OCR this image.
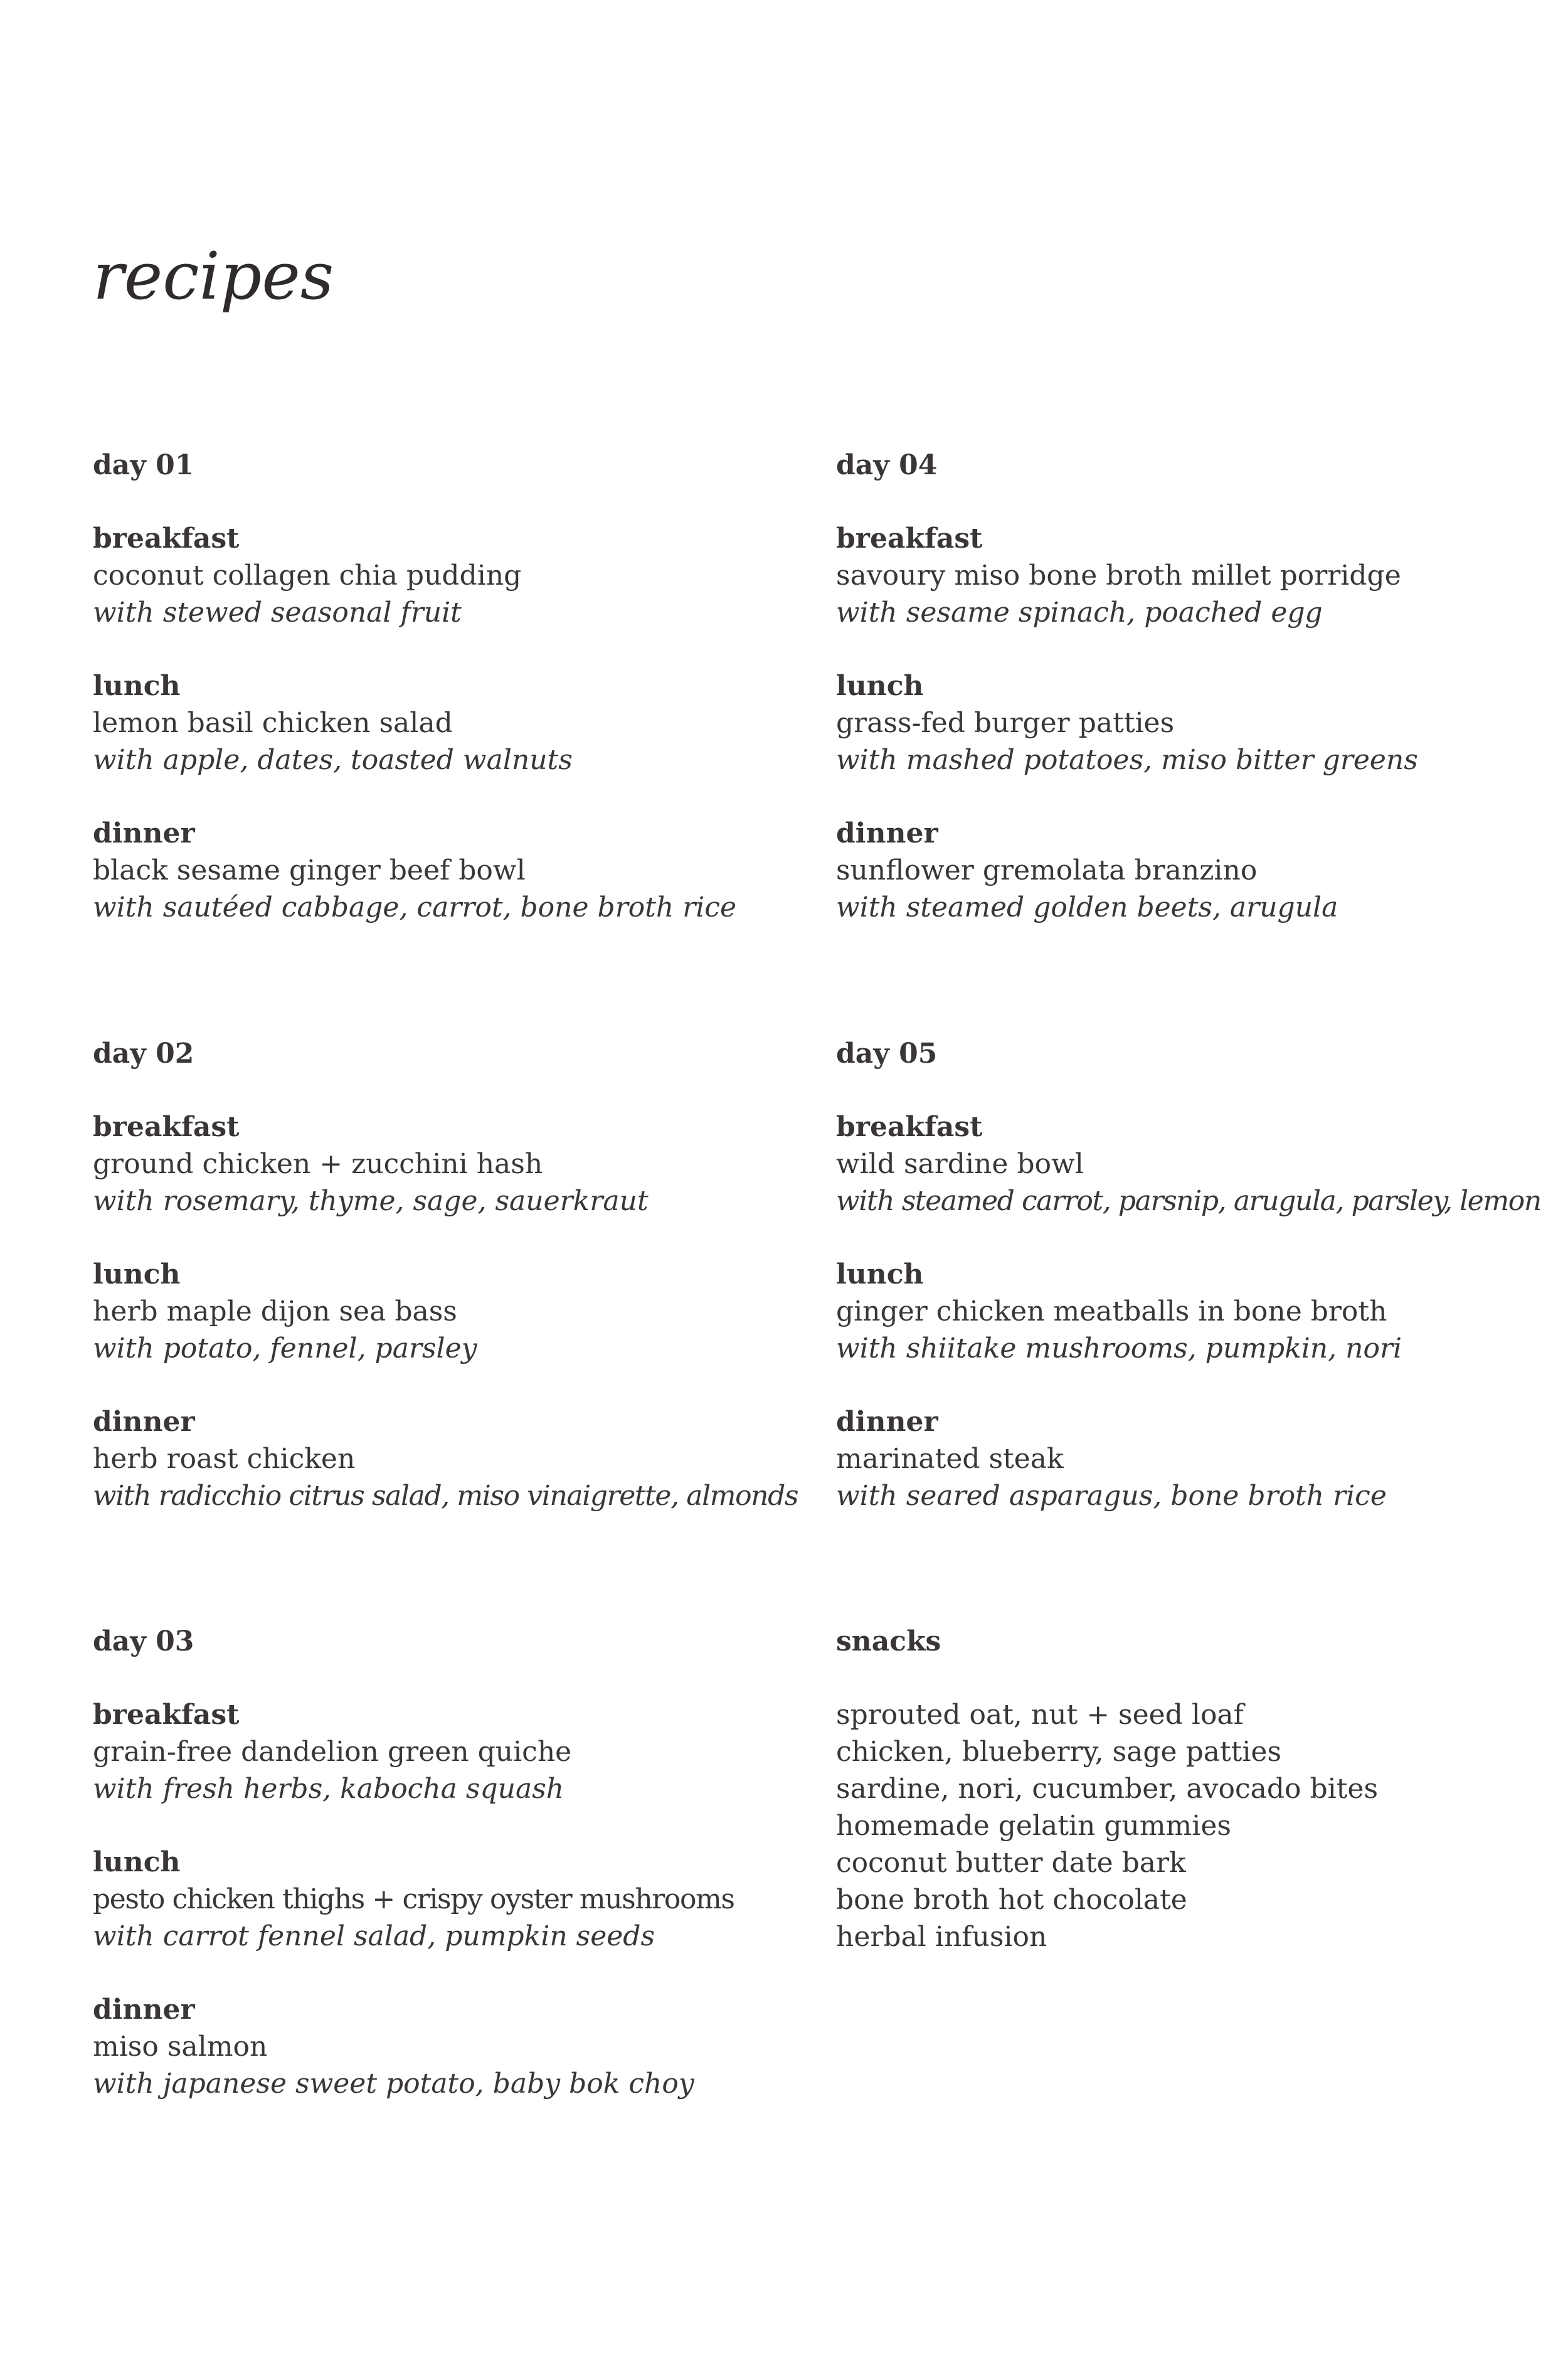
recipes
day 01
breakfast
coconut collagen chia pudding
with stewed seasonal fruit
lunch
lemon basil chicken salad
with apple, dates, toasted walnuts
dinner
black sesame ginger beef bowl
with sautéed cabbage, carrot, bone broth rice
day 02
breakfast
ground chicken + zucchini hash
with rosemary, thyme, sage, sauerkraut
lunch
herb maple dijon sea bass
with potato, fennel, parsley
dinner
herb roast chicken
with radicchio citrus salad, miso vinaigrette, almonds
day 03
breakfast
grain-free dandelion green quiche
with fresh herbs, kabocha squash
lunch
pesto chicken thighs + crispy oyster mushrooms
with carrot fennel salad, pumpkin seeds
dinner
miso salmon
with japanese sweet potato, baby bok choy
day 04
breakfast
savoury miso bone broth millet porridge
with sesame spinach, poached egg
lunch
grass-fed burger patties
with mashed potatoes, miso bitter greens
dinner
sunflower gremolata branzino
with steamed golden beets, arugula
day 05
breakfast
wild sardine bowl
with steamed carrot, parsnip, arugula, parsley, lemon
lunch
ginger chicken meatballs in bone broth
with shiitake mushrooms, pumpkin, nori
dinner
marinated steak
with seared asparagus, bone broth rice
snacks
sprouted oat, nut + seed loaf
chicken, blueberry, sage patties
sardine, nori, cucumber, avocado bites
homemade gelatin gummies
coconut butter date bark
bone broth hot chocolate
herbal infusion
